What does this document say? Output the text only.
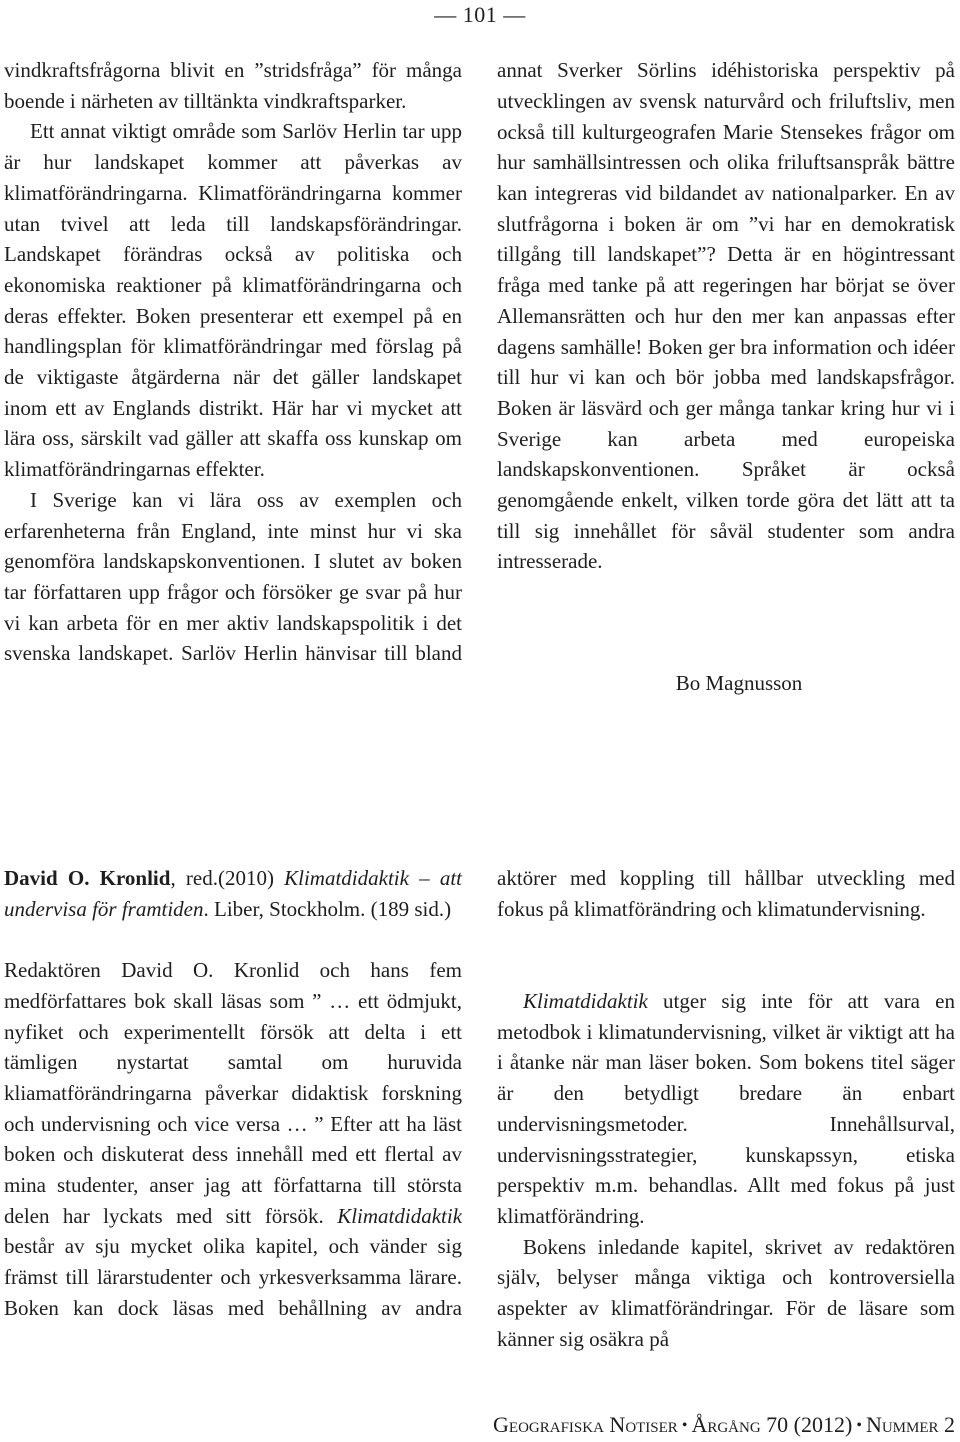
— 101 —

vindkraftsfrågorna blivit en ”stridsfråga” för många boende i närheten av tilltänkta vindkraftsparker.

Ett annat viktigt område som Sarlöv Herlin tar upp är hur landskapet kommer att påverkas av klimatförändringarna. Klimatförändringarna kommer utan tvivel att leda till landskapsförändringar. Landskapet förändras också av politiska och ekonomiska reaktioner på klimatförändringarna och deras effekter. Boken presenterar ett exempel på en handlingsplan för klimatförändringar med förslag på de viktigaste åtgärderna när det gäller landskapet inom ett av Englands distrikt. Här har vi mycket att lära oss, särskilt vad gäller att skaffa oss kunskap om klimatförändringarnas effekter.

I Sverige kan vi lära oss av exemplen och erfarenheterna från England, inte minst hur vi ska genomföra landskapskonventionen. I slutet av boken tar författaren upp frågor och försöker ge svar på hur vi kan arbeta för en mer aktiv landskapspolitik i det svenska landskapet. Sarlöv Herlin hänvisar till bland

annat Sverker Sörlins idéhistoriska perspektiv på utvecklingen av svensk naturvård och friluftsliv, men också till kulturgeografen Marie Stensekes frågor om hur samhällsintressen och olika friluftsanspråk bättre kan integreras vid bildandet av nationalparker. En av slutfrågorna i boken är om ”vi har en demokratisk tillgång till landskapet”? Detta är en högintressant fråga med tanke på att regeringen har börjat se över Allemansrätten och hur den mer kan anpassas efter dagens samhälle! Boken ger bra information och idéer till hur vi kan och bör jobba med landskapsfrågor. Boken är läsvärd och ger många tankar kring hur vi i Sverige kan arbeta med europeiska landskapskonventionen. Språket är också genomgående enkelt, vilken torde göra det lätt att ta till sig innehållet för såväl studenter som andra intresserade.

Bo Magnusson

David O. Kronlid, red.(2010) Klimatdidaktik – att undervisa för framtiden. Liber, Stockholm. (189 sid.)

Redaktören David O. Kronlid och hans fem medförfattares bok skall läsas som ” … ett ödmjukt, nyfiket och experimentellt försök att delta i ett tämligen nystartat samtal om huruvida kliamatförändringarna påverkar didaktisk forskning och undervisning och vice versa … ” Efter att ha läst boken och diskuterat dess innehåll med ett flertal av mina studenter, anser jag att författarna till största delen har lyckats med sitt försök. Klimatdidaktik består av sju mycket olika kapitel, och vänder sig främst till lärarstudenter och yrkesverksamma lärare. Boken kan dock läsas med behållning av andra

aktörer med koppling till hållbar utveckling med fokus på klimatförändring och klimatundervisning.

Klimatdidaktik utger sig inte för att vara en metodbok i klimatundervisning, vilket är viktigt att ha i åtanke när man läser boken. Som bokens titel säger är den betydligt bredare än enbart undervisningsmetoder. Innehållsurval, undervisningsstrategier, kunskapssyn, etiska perspektiv m.m. behandlas. Allt med fokus på just klimatförändring.

Bokens inledande kapitel, skrivet av redaktören själv, belyser många viktiga och kontroversiella aspekter av klimatförändringar. För de läsare som känner sig osäkra på

Geografiska Notiser • Årgång 70 (2012) • Nummer 2
